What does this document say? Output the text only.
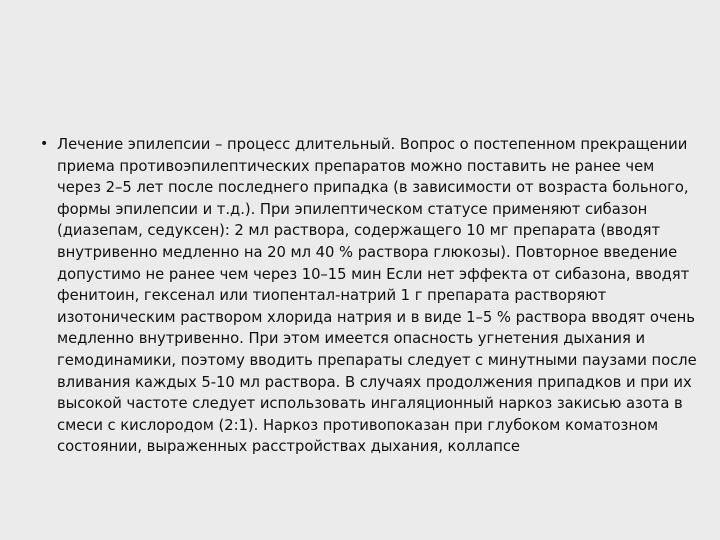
• Лечение эпилепсии – процесс длительный. Вопрос о постепенном прекращении
приема противоэпилептических препаратов можно поставить не ранее чем
через 2–5 лет после последнего припадка (в зависимости от возраста больного,
формы эпилепсии и т.д.). При эпилептическом статусе применяют сибазон
(диазепам, седуксен): 2 мл раствора, содержащего 10 мг препарата (вводят
внутривенно медленно на 20 мл 40 % раствора глюкозы). Повторное введение
допустимо не ранее чем через 10–15 мин Если нет эффекта от сибазона, вводят
фенитоин, гексенал или тиопентал-натрий 1 г препарата растворяют
изотоническим раствором хлорида натрия и в виде 1–5 % раствора вводят очень
медленно внутривенно. При этом имеется опасность угнетения дыхания и
гемодинамики, поэтому вводить препараты следует с минутными паузами после
вливания каждых 5-10 мл раствора. В случаях продолжения припадков и при их
высокой частоте следует использовать ингаляционный наркоз закисью азота в
смеси с кислородом (2:1). Наркоз противопоказан при глубоком коматозном
состоянии, выраженных расстройствах дыхания, коллапсе
